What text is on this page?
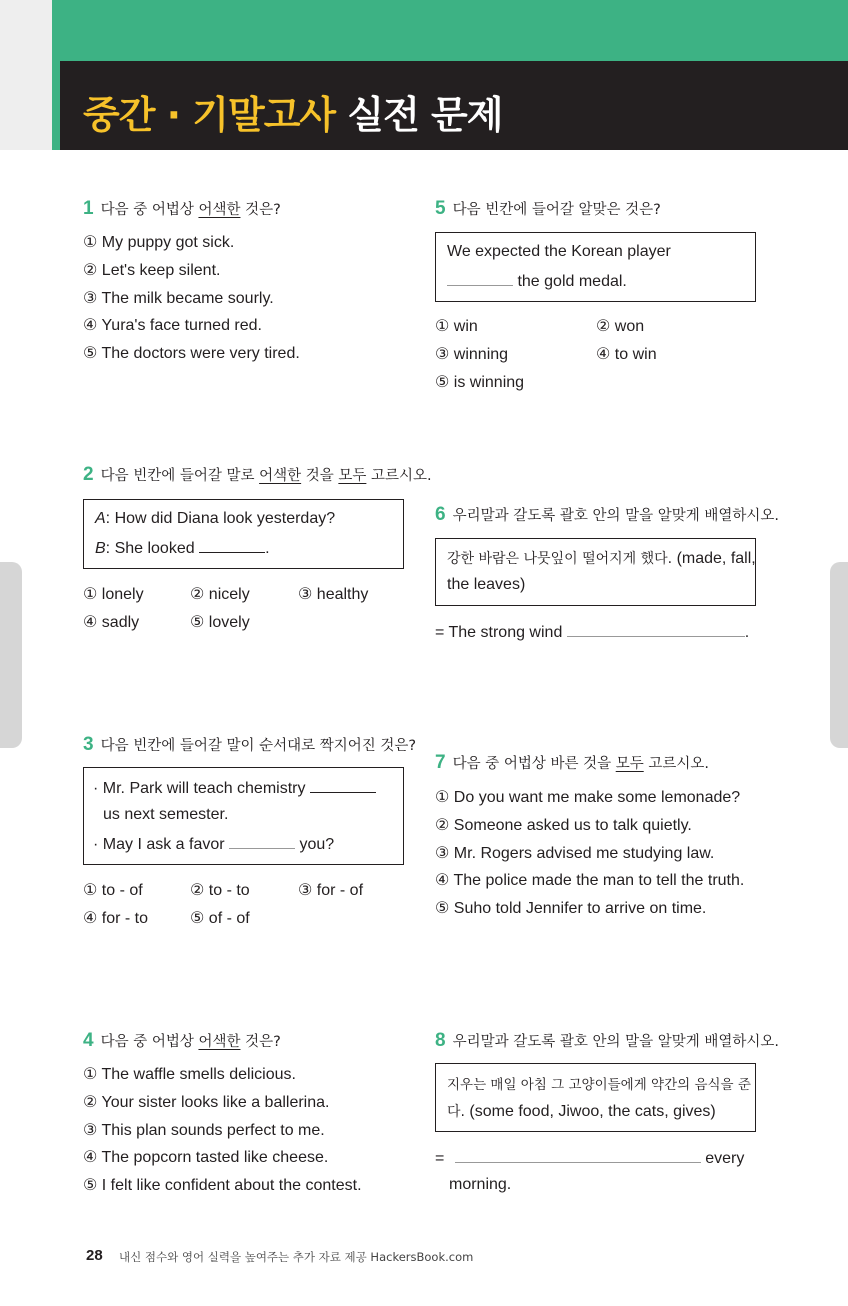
중간 · 기말고사 실전 문제
1 다음 중 어법상 어색한 것은?
① My puppy got sick.
② Let's keep silent.
③ The milk became sourly.
④ Yura's face turned red.
⑤ The doctors were very tired.
2 다음 빈칸에 들어갈 말로 어색한 것을 모두 고르시오.
A: How did Diana look yesterday?
B: She looked	.
① lonely	② nicely	③ healthy
④ sadly	⑤ lovely
3 다음 빈칸에 들어갈 말이 순서대로 짝지어진 것은?
· Mr. Park will teach chemistry
us next semester.
· May I ask a favor	you?
① to - of	② to - to	③ for - of
④ for - to	⑤ of - of
4 다음 중 어법상 어색한 것은?
① The waffle smells delicious.
② Your sister looks like a ballerina.
③ This plan sounds perfect to me.
④ The popcorn tasted like cheese.
⑤ I felt like confident about the contest.
5 다음 빈칸에 들어갈 알맞은 것은?
We expected the Korean player
the gold medal.
① win	② won
③ winning	④ to win
⑤ is winning
6 우리말과 갈도록 괄호 안의 말을 알맞게 배열하시오.
강한 바람은 나뭇잎이 떨어지게 했다. (made, fall,
the leaves)
= The strong wind	.
7 다음 중 어법상 바른 것을 모두 고르시오.
① Do you want me make some lemonade?
② Someone asked us to talk quietly.
③ Mr. Rogers advised me studying law.
④ The police made the man to tell the truth.
⑤ Suho told Jennifer to arrive on time.
8 우리말과 갈도록 괄호 안의 말을 알맞게 배열하시오.
지우는 매일 아침 그 고양이들에게 약간의 음식을 준
다. (some food, Jiwoo, the cats, gives)
=	every
morning.
28 내신 점수와 영어 실력을 높여주는 추가 자료 제공 HackersBook.com
